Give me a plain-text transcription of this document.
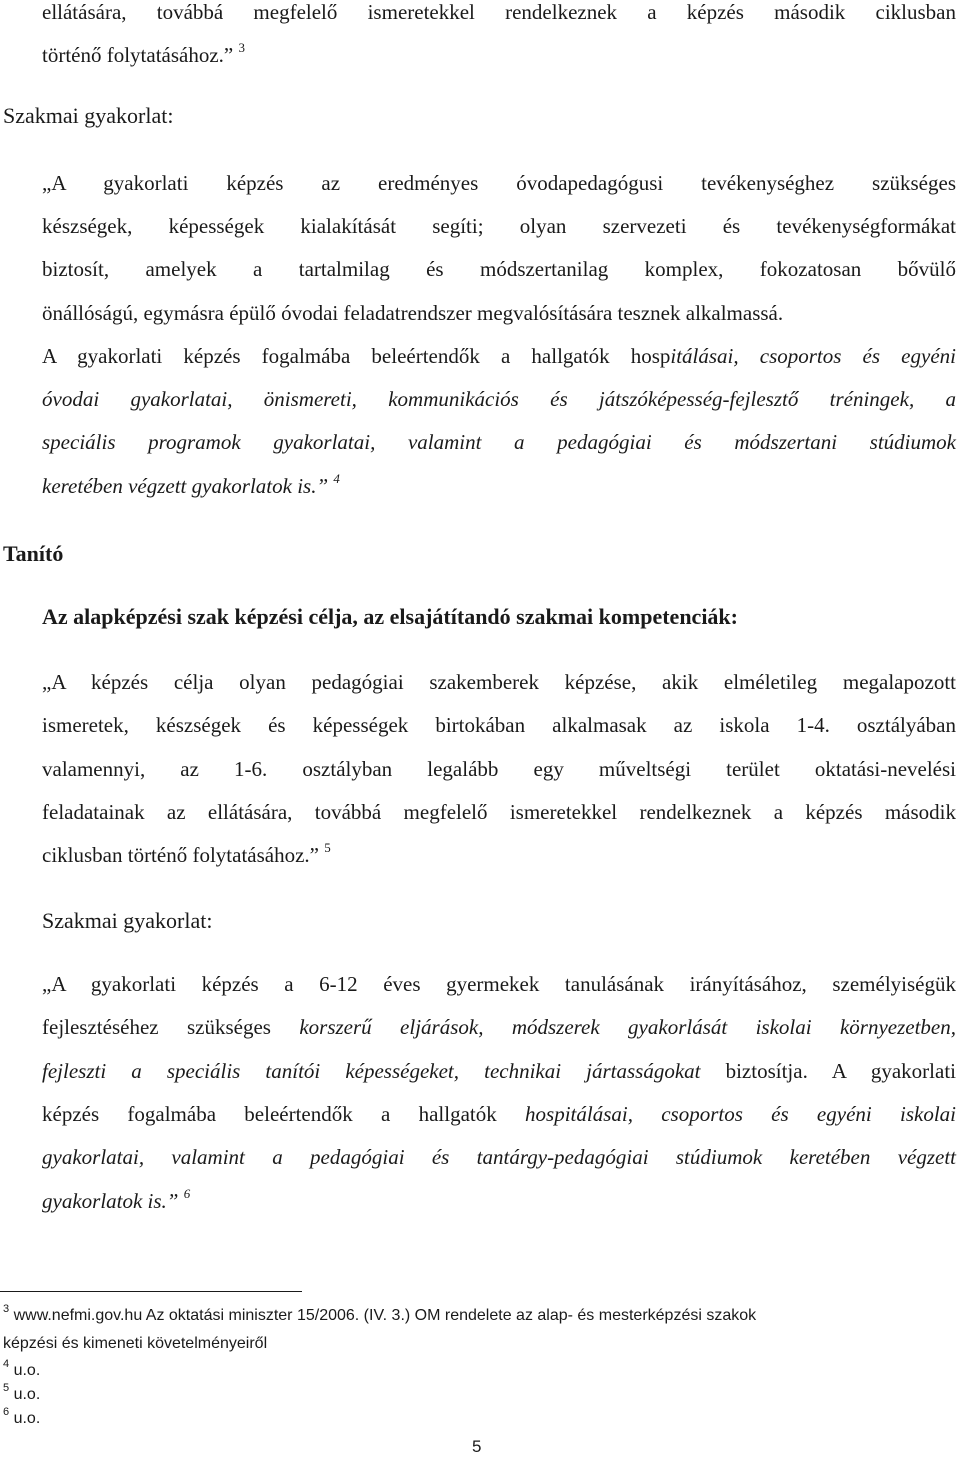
ellátására, továbbá megfelelő ismeretekkel rendelkeznek a képzés második ciklusban
történő folytatásához.” $^3$
Szakmai gyakorlat:
„A gyakorlati képzés az eredményes óvodapedagógusi tevékenységhez szükséges
készségek, képességek kialakítását segíti; olyan szervezeti és tevékenységformákat
biztosít, amelyek a tartalmilag és módszertanilag komplex, fokozatosan bővülő
önállóságú, egymásra épülő óvodai feladatrendszer megvalósítására tesznek alkalmassá.
A gyakorlati képzés fogalmába beleértendők a hallgatók hospitálásai, csoportos és egyéni
óvodai gyakorlatai, önismereti, kommunikációs és játszóképesség-fejlesztő tréningek, a
speciális programok gyakorlatai, valamint a pedagógiai és módszertani stúdiumok
keretében végzett gyakorlatok is.” $^4$
Tanító
Az alapképzési szak képzési célja, az elsajátítandó szakmai kompetenciák:
„A képzés célja olyan pedagógiai szakemberek képzése, akik elméletileg megalapozott
ismeretek, készségek és képességek birtokában alkalmasak az iskola 1-4. osztályában
valamennyi, az 1-6. osztályban legalább egy műveltségi terület oktatási-nevelési
feladatainak az ellátására, továbbá megfelelő ismeretekkel rendelkeznek a képzés második
ciklusban történő folytatásához.” $^5$
Szakmai gyakorlat:
„A gyakorlati képzés a 6-12 éves gyermekek tanulásának irányításához, személyiségük
fejlesztéséhez szükséges korszerű eljárások, módszerek gyakorlását iskolai környezetben,
fejleszti a speciális tanítói képességeket, technikai jártasságokat biztosítja. A gyakorlati
képzés fogalmába beleértendők a hallgatók hospitálásai, csoportos és egyéni iskolai
gyakorlatai, valamint a pedagógiai és tantárgy-pedagógiai stúdiumok keretében végzett
gyakorlatok is.” $^6$
$^3$ www.nefmi.gov.hu Az oktatási miniszter 15/2006. (IV. 3.) OM rendelete az alap- és mesterképzési szakok
képzési és kimeneti követelményeiről
$^4$ u.o.
$^5$ u.o.
$^6$ u.o.
5
